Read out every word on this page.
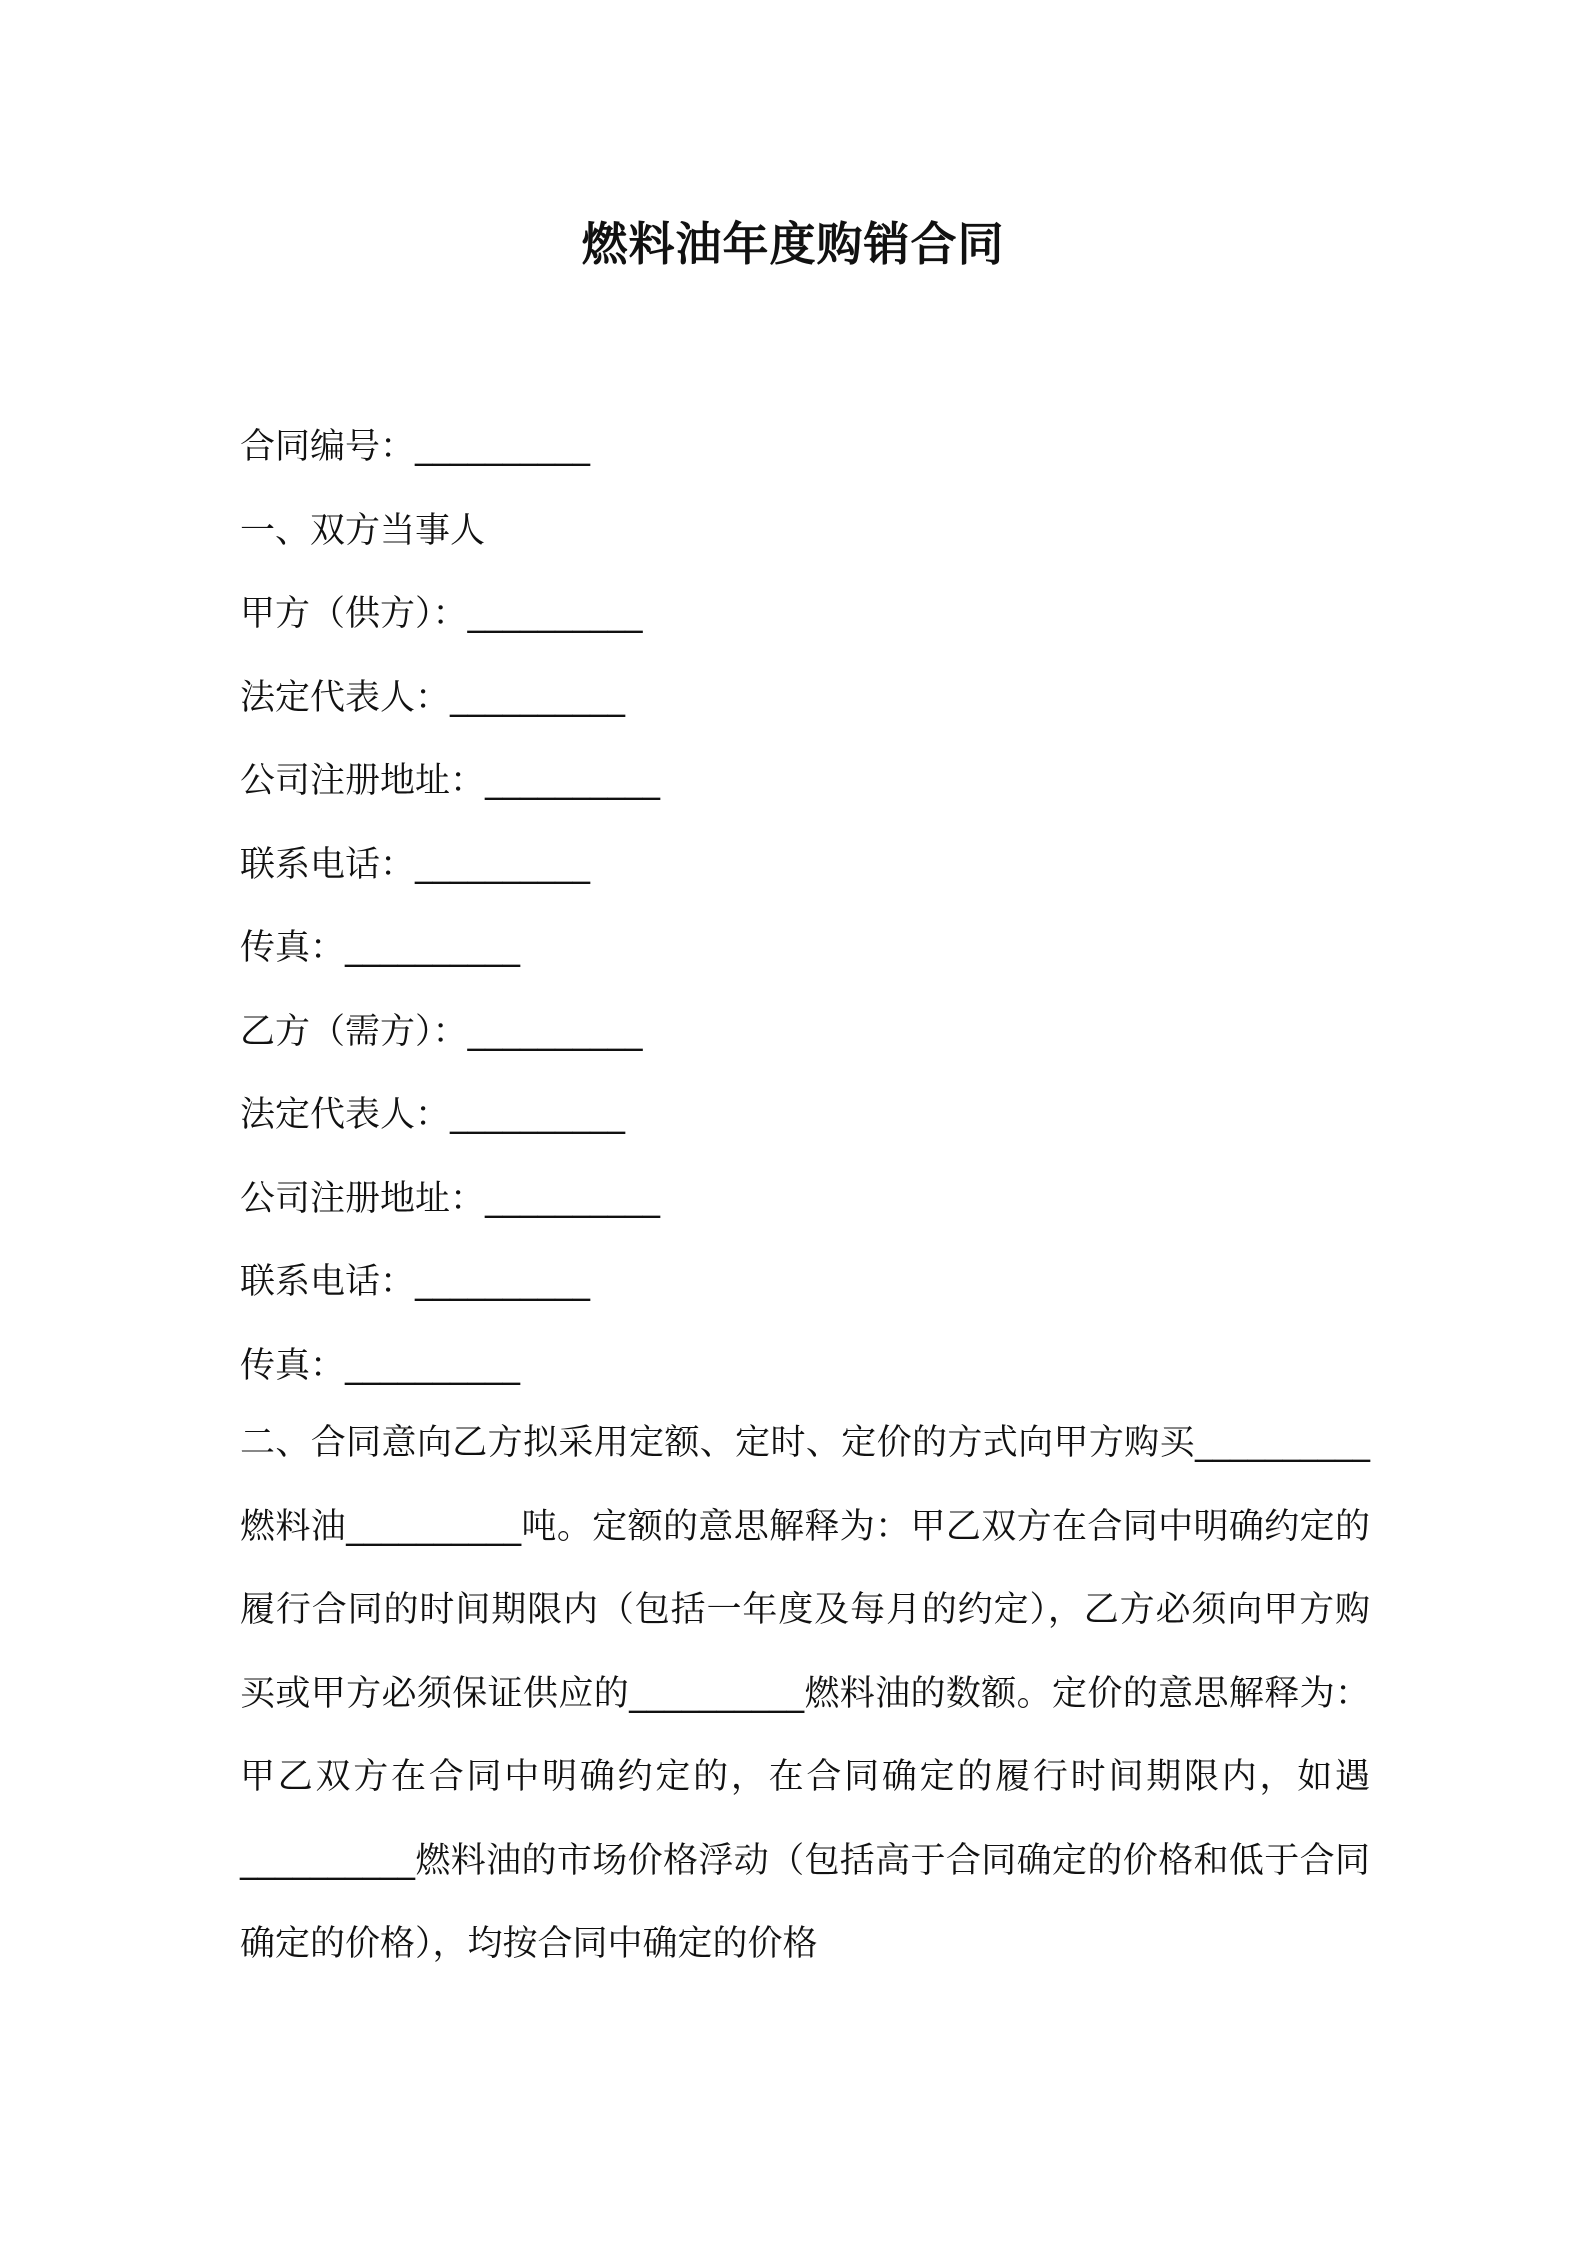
燃料油年度购销合同
合同编号：__________
一、双方当事人
甲方（供方）：__________
法定代表人：__________
公司注册地址：__________
联系电话：__________
传真：__________
乙方（需方）：__________
法定代表人：__________
公司注册地址：__________
联系电话：__________
传真：__________

二、合同意向乙方拟采用定额、定时、定价的方式向甲方购买__________燃料油__________吨。定额的意思解释为：甲乙双方在合同中明确约定的履行合同的时间期限内（包括一年度及每月的约定），乙方必须向甲方购买或甲方必须保证供应的__________燃料油的数额。定价的意思解释为：甲乙双方在合同中明确约定的，在合同确定的履行时间期限内，如遇__________燃料油的市场价格浮动（包括高于合同确定的价格和低于合同确定的价格），均按合同中确定的价格
